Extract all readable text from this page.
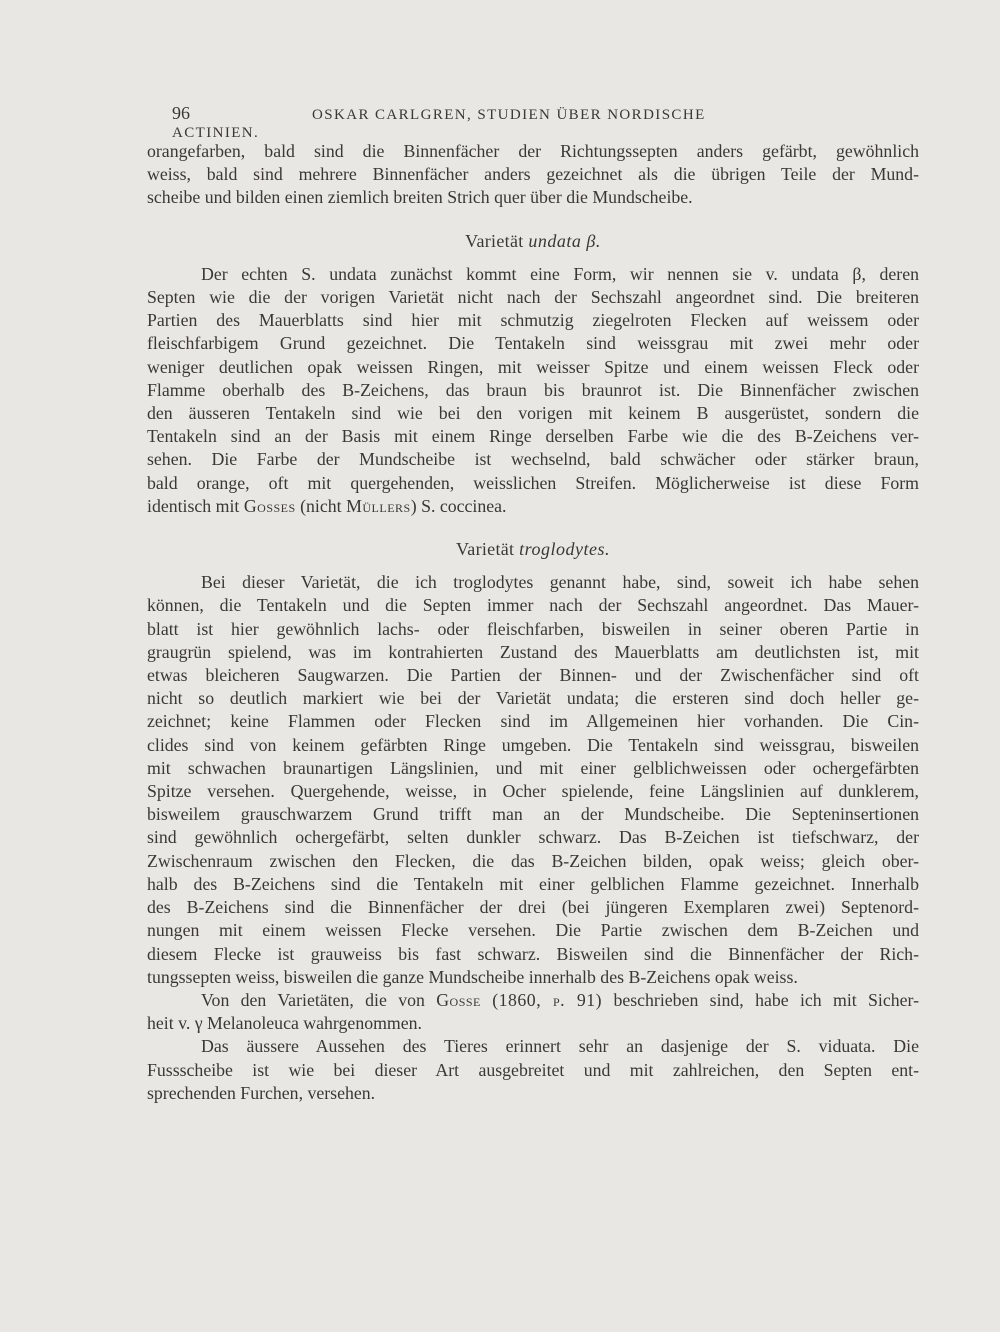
96	OSKAR CARLGREN, STUDIEN ÜBER NORDISCHE ACTINIEN.

orangefarben, bald sind die Binnenfächer der Richtungssepten anders gefärbt, gewöhnlich
weiss, bald sind mehrere Binnenfächer anders gezeichnet als die übrigen Teile der Mund-
scheibe und bilden einen ziemlich breiten Strich quer über die Mundscheibe.

Varietät undata β.

Der echten S. undata zunächst kommt eine Form, wir nennen sie v. undata β, deren
Septen wie die der vorigen Varietät nicht nach der Sechszahl angeordnet sind. Die breiteren
Partien des Mauerblatts sind hier mit schmutzig ziegelroten Flecken auf weissem oder
fleischfarbigem Grund gezeichnet. Die Tentakeln sind weissgrau mit zwei mehr oder
weniger deutlichen opak weissen Ringen, mit weisser Spitze und einem weissen Fleck oder
Flamme oberhalb des B-Zeichens, das braun bis braunrot ist. Die Binnenfächer zwischen
den äusseren Tentakeln sind wie bei den vorigen mit keinem B ausgerüstet, sondern die
Tentakeln sind an der Basis mit einem Ringe derselben Farbe wie die des B-Zeichens ver-
sehen. Die Farbe der Mundscheibe ist wechselnd, bald schwächer oder stärker braun,
bald orange, oft mit quergehenden, weisslichen Streifen. Möglicherweise ist diese Form
identisch mit Gosses (nicht Müllers) S. coccinea.

Varietät troglodytes.

Bei dieser Varietät, die ich troglodytes genannt habe, sind, soweit ich habe sehen
können, die Tentakeln und die Septen immer nach der Sechszahl angeordnet. Das Mauer-
blatt ist hier gewöhnlich lachs- oder fleischfarben, bisweilen in seiner oberen Partie in
graugrün spielend, was im kontrahierten Zustand des Mauerblatts am deutlichsten ist, mit
etwas bleicheren Saugwarzen. Die Partien der Binnen- und der Zwischenfächer sind oft
nicht so deutlich markiert wie bei der Varietät undata; die ersteren sind doch heller ge-
zeichnet; keine Flammen oder Flecken sind im Allgemeinen hier vorhanden. Die Cin-
clides sind von keinem gefärbten Ringe umgeben. Die Tentakeln sind weissgrau, bisweilen
mit schwachen braunartigen Längslinien, und mit einer gelblichweissen oder ochergefärbten
Spitze versehen. Quergehende, weisse, in Ocher spielende, feine Längslinien auf dunklerem,
bisweilem grauschwarzem Grund trifft man an der Mundscheibe. Die Septeninsertionen
sind gewöhnlich ochergefärbt, selten dunkler schwarz. Das B-Zeichen ist tiefschwarz, der
Zwischenraum zwischen den Flecken, die das B-Zeichen bilden, opak weiss; gleich ober-
halb des B-Zeichens sind die Tentakeln mit einer gelblichen Flamme gezeichnet. Innerhalb
des B-Zeichens sind die Binnenfächer der drei (bei jüngeren Exemplaren zwei) Septenord-
nungen mit einem weissen Flecke versehen. Die Partie zwischen dem B-Zeichen und
diesem Flecke ist grauweiss bis fast schwarz. Bisweilen sind die Binnenfächer der Rich-
tungssepten weiss, bisweilen die ganze Mundscheibe innerhalb des B-Zeichens opak weiss.

Von den Varietäten, die von Gosse (1860, p. 91) beschrieben sind, habe ich mit Sicher-
heit v. γ Melanoleuca wahrgenommen.

Das äussere Aussehen des Tieres erinnert sehr an dasjenige der S. viduata. Die
Fussscheibe ist wie bei dieser Art ausgebreitet und mit zahlreichen, den Septen ent-
sprechenden Furchen, versehen.
